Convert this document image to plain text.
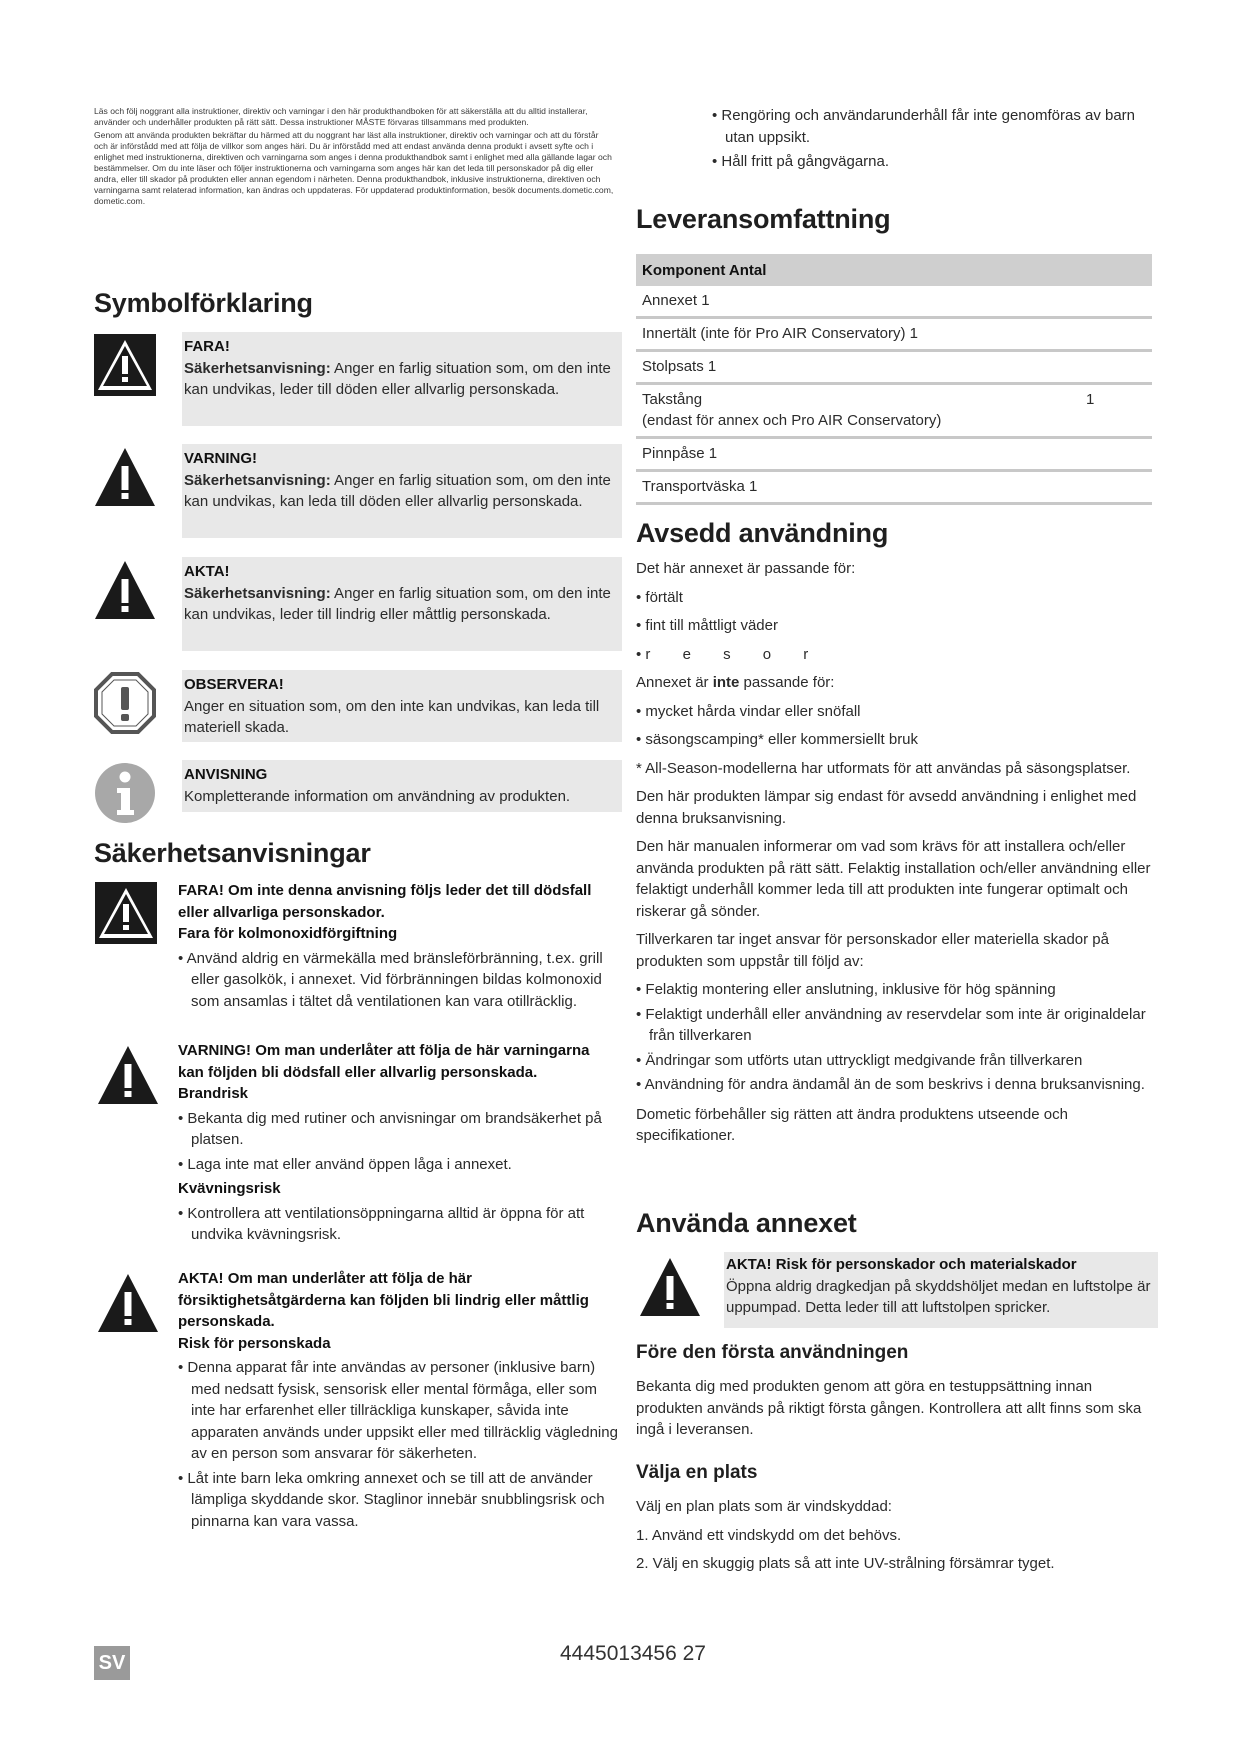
Läs och följ noggrant alla instruktioner, direktiv och varningar i den här produkthandboken för att säkerställa att du alltid installerar, använder och underhåller produkten på rätt sätt. Dessa instruktioner MÅSTE förvaras tillsammans med produkten.

Genom att använda produkten bekräftar du härmed att du noggrant har läst alla instruktioner, direktiv och varningar och att du förstår och är införstådd med att följa de villkor som anges häri. Du är införstådd med att endast använda denna produkt i avsett syfte och i enlighet med instruktionerna, direktiven och varningarna som anges i denna produkthandbok samt i enlighet med alla gällande lagar och bestämmelser. Om du inte läser och följer instruktionerna och varningarna som anges här kan det leda till personskador på dig eller andra, eller till skador på produkten eller annan egendom i närheten. Denna produkthandbok, inklusive instruktionerna, direktiven och varningarna samt relaterad information, kan ändras och uppdateras. För uppdaterad produktinformation, besök documents.dometic.com, dometic.com.

Symbolförklaring
FARA!
Säkerhetsanvisning: Anger en farlig situation som, om den inte kan undvikas, leder till döden eller allvarlig personskada.
VARNING!
Säkerhetsanvisning: Anger en farlig situation som, om den inte kan undvikas, kan leda till döden eller allvarlig personskada.
AKTA!
Säkerhetsanvisning: Anger en farlig situation som, om den inte kan undvikas, leder till lindrig eller måttlig personskada.
OBSERVERA!
Anger en situation som, om den inte kan undvikas, kan leda till materiell skada.
ANVISNING
Kompletterande information om användning av produkten.
Säkerhetsanvisningar
FARA! Om inte denna anvisning följs leder det till dödsfall eller allvarliga personskador.
Fara för kolmonoxidförgiftning
• Använd aldrig en värmekälla med bränsleförbränning, t.ex. grill eller gasolkök, i annexet. Vid förbränningen bildas kolmonoxid som ansamlas i tältet då ventilationen kan vara otillräcklig.
VARNING! Om man underlåter att följa de här varningarna kan följden bli dödsfall eller allvarlig personskada.
Brandrisk
• Bekanta dig med rutiner och anvisningar om brandsäkerhet på platsen.
• Laga inte mat eller använd öppen låga i annexet.
Kvävningsrisk
• Kontrollera att ventilationsöppningarna alltid är öppna för att undvika kvävningsrisk.
AKTA! Om man underlåter att följa de här försiktighetsåtgärderna kan följden bli lindrig eller måttlig personskada.
Risk för personskada
• Denna apparat får inte användas av personer (inklusive barn) med nedsatt fysisk, sensorisk eller mental förmåga, eller som inte har erfarenhet eller tillräckliga kunskaper, såvida inte apparaten används under uppsikt eller med tillräcklig vägledning av en person som ansvarar för säkerheten.
• Låt inte barn leka omkring annexet och se till att de använder lämpliga skyddande skor. Staglinor innebär snubblingsrisk och pinnarna kan vara vassa.
• Rengöring och användarunderhåll får inte genomföras av barn utan uppsikt.
• Håll fritt på gångvägarna.
Leveransomfattning
Komponent Antal	
Annexet 1	
Innertält (inte för Pro AIR Conservatory) 1	
Stolpsats 1	
Takstång
(endast för annex och Pro AIR Conservatory)	1
Pinnpåse 1	
Transportväska 1	
Avsedd användning

Det här annexet är passande för:

• förtält
• fint till måttligt väder
• r e s o r

Annexet är inte passande för:

• mycket hårda vindar eller snöfall
• säsongscamping* eller kommersiellt bruk

* All-Season-modellerna har utformats för att användas på säsongsplatser.

Den här produkten lämpar sig endast för avsedd användning i enlighet med denna bruksanvisning.

Den här manualen informerar om vad som krävs för att installera och/eller använda produkten på rätt sätt. Felaktig installation och/eller användning eller felaktigt underhåll kommer leda till att produkten inte fungerar optimalt och riskerar gå sönder.

Tillverkaren tar inget ansvar för personskador eller materiella skador på produkten som uppstår till följd av:

• Felaktig montering eller anslutning, inklusive för hög spänning
• Felaktigt underhåll eller användning av reservdelar som inte är originaldelar från tillverkaren
• Ändringar som utförts utan uttryckligt medgivande från tillverkaren
• Användning för andra ändamål än de som beskrivs i denna bruksanvisning.

Dometic förbehåller sig rätten att ändra produktens utseende och specifikationer.

Använda annexet
AKTA! Risk för personskador och materialskador
Öppna aldrig dragkedjan på skyddshöljet medan en luftstolpe är uppumpad. Detta leder till att luftstolpen spricker.
Före den första användningen
Bekanta dig med produkten genom att göra en testuppsättning innan produkten används på riktigt första gången. Kontrollera att allt finns som ska ingå i leveransen.
Välja en plats

Välj en plan plats som är vindskyddad:

1. Använd ett vindskydd om det behövs.

2. Välj en skuggig plats så att inte UV-strålning försämrar tyget.

SV	4445013456 27
